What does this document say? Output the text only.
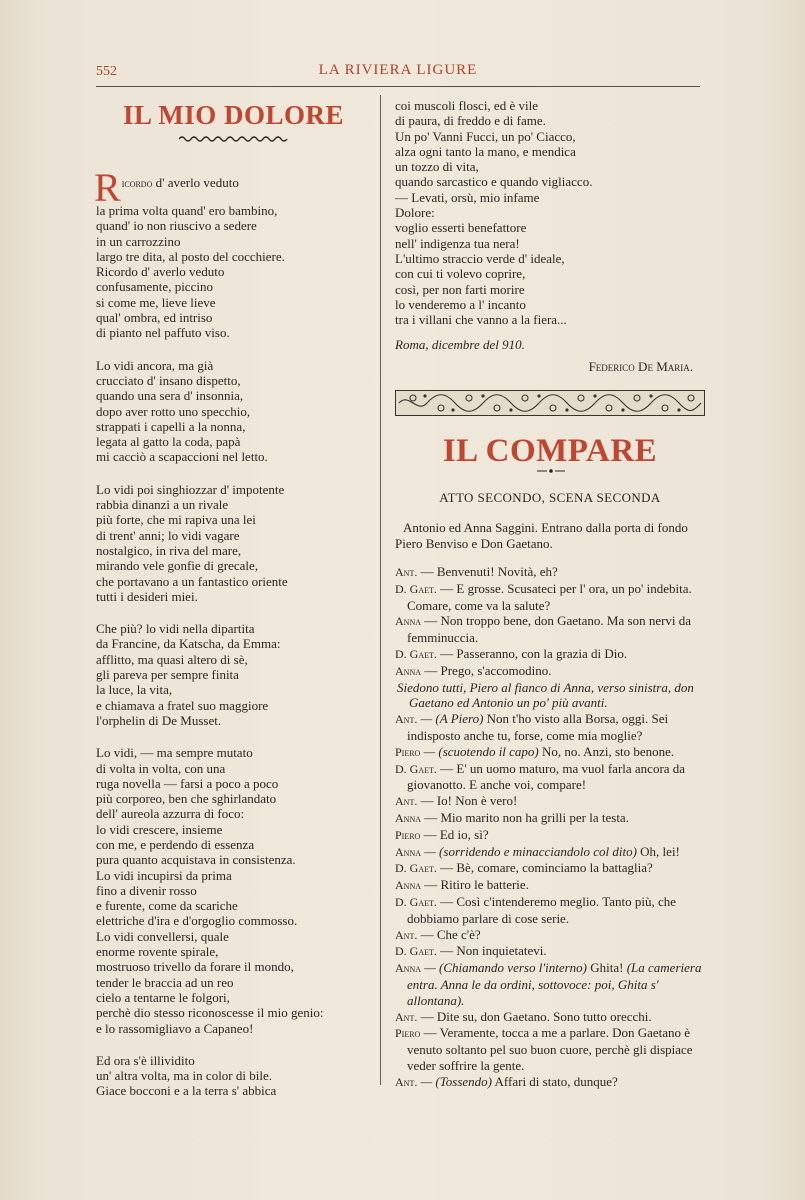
552	LA RIVIERA LIGURE
IL MIO DOLORE
R icordo d' averlo veduto
la prima volta quand' ero bambino,
quand' io non riuscivo a sedere
in un carrozzino
largo tre dita, al posto del cocchiere.
Ricordo d' averlo veduto
confusamente, piccino
si come me, lieve lieve
qual' ombra, ed intriso
di pianto nel paffuto viso.
Lo vidi ancora, ma già
crucciato d' insano dispetto,
quando una sera d' insonnia,
dopo aver rotto uno specchio,
strappati i capelli a la nonna,
legata al gatto la coda, papà
mi cacciò a scapaccioni nel letto.
Lo vidi poi singhiozzar d' impotente
rabbia dinanzi a un rivale
più forte, che mi rapiva una lei
di trent' anni; lo vidi vagare
nostalgico, in riva del mare,
mirando vele gonfie di grecale,
che portavano a un fantastico oriente
tutti i desideri miei.
Che più? lo vidi nella dipartita
da Francine, da Katscha, da Emma:
afflitto, ma quasi altero di sè,
gli pareva per sempre finita
la luce, la vita,
e chiamava a fratel suo maggiore
l'orphelin di De Musset.
Lo vidi, — ma sempre mutato
di volta in volta, con una
ruga novella — farsi a poco a poco
più corporeo, ben che sghirlandato
dell' aureola azzurra di foco:
lo vidi crescere, insieme
con me, e perdendo di essenza
pura quanto acquistava in consistenza.
Lo vidi incupirsi da prima
fino a divenir rosso
e furente, come da scariche
elettriche d'ira e d'orgoglio commosso.
Lo vidi convellersi, quale
enorme rovente spirale,
mostruoso trivello da forare il mondo,
tender le braccia ad un reo
cielo a tentarne le folgori,
perchè dio stesso riconoscesse il mio genio:
e lo rassomigliavo a Capaneo!
Ed ora s'è illividito
un' altra volta, ma in color di bile.
Giace bocconi e a la terra s' abbica
coi muscoli flosci, ed è vile
di paura, di freddo e di fame.
Un po' Vanni Fucci, un po' Ciacco,
alza ogni tanto la mano, e mendica
un tozzo di vita,
quando sarcastico e quando vigliacco.
— Levati, orsù, mio infame
Dolore:
voglio esserti benefattore
nell' indigenza tua nera!
L'ultimo straccio verde d' ideale,
con cui ti volevo coprire,
così, per non farti morire
lo venderemo a l' incanto
tra i villani che vanno a la fiera...
Roma, dicembre del 910.
Federico De Maria.
IL COMPARE
ATTO SECONDO, SCENA SECONDA
Antonio ed Anna Saggini. Entrano dalla porta di fondo Piero Benviso e Don Gaetano.

Ant. — Benvenuti! Novità, eh?

D. Gaet. — E grosse. Scusateci per l' ora, un po' indebita. Comare, come va la salute?

Anna — Non troppo bene, don Gaetano. Ma son nervi da femminuccia.

D. Gaet. — Passeranno, con la grazia di Dio.

Anna — Prego, s'accomodino.

Siedono tutti, Piero al fianco di Anna, verso sinistra, don Gaetano ed Antonio un po' più avanti.

Ant. — (A Piero) Non t'ho visto alla Borsa, oggi. Sei indisposto anche tu, forse, come mia moglie?

Piero — (scuotendo il capo) No, no. Anzi, sto benone.

D. Gaet. — E' un uomo maturo, ma vuol farla ancora da giovanotto. E anche voi, compare!

Ant. — Io! Non è vero!

Anna — Mio marito non ha grilli per la testa.

Piero — Ed io, sì?

Anna — (sorridendo e minacciandolo col dito) Oh, lei!

D. Gaet. — Bè, comare, cominciamo la battaglia?

Anna — Ritiro le batterie.

D. Gaet. — Così c'intenderemo meglio. Tanto più, che dobbiamo parlare di cose serie.

Ant. — Che c'è?

D. Gaet. — Non inquietatevi.

Anna — (Chiamando verso l'interno) Ghita! (La cameriera entra. Anna le da ordini, sottovoce: poi, Ghita s' allontana).

Ant. — Dite su, don Gaetano. Sono tutto orecchi.

Piero — Veramente, tocca a me a parlare. Don Gaetano è venuto soltanto pel suo buon cuore, perchè gli dispiace veder soffrire la gente.

Ant. — (Tossendo) Affari di stato, dunque?
